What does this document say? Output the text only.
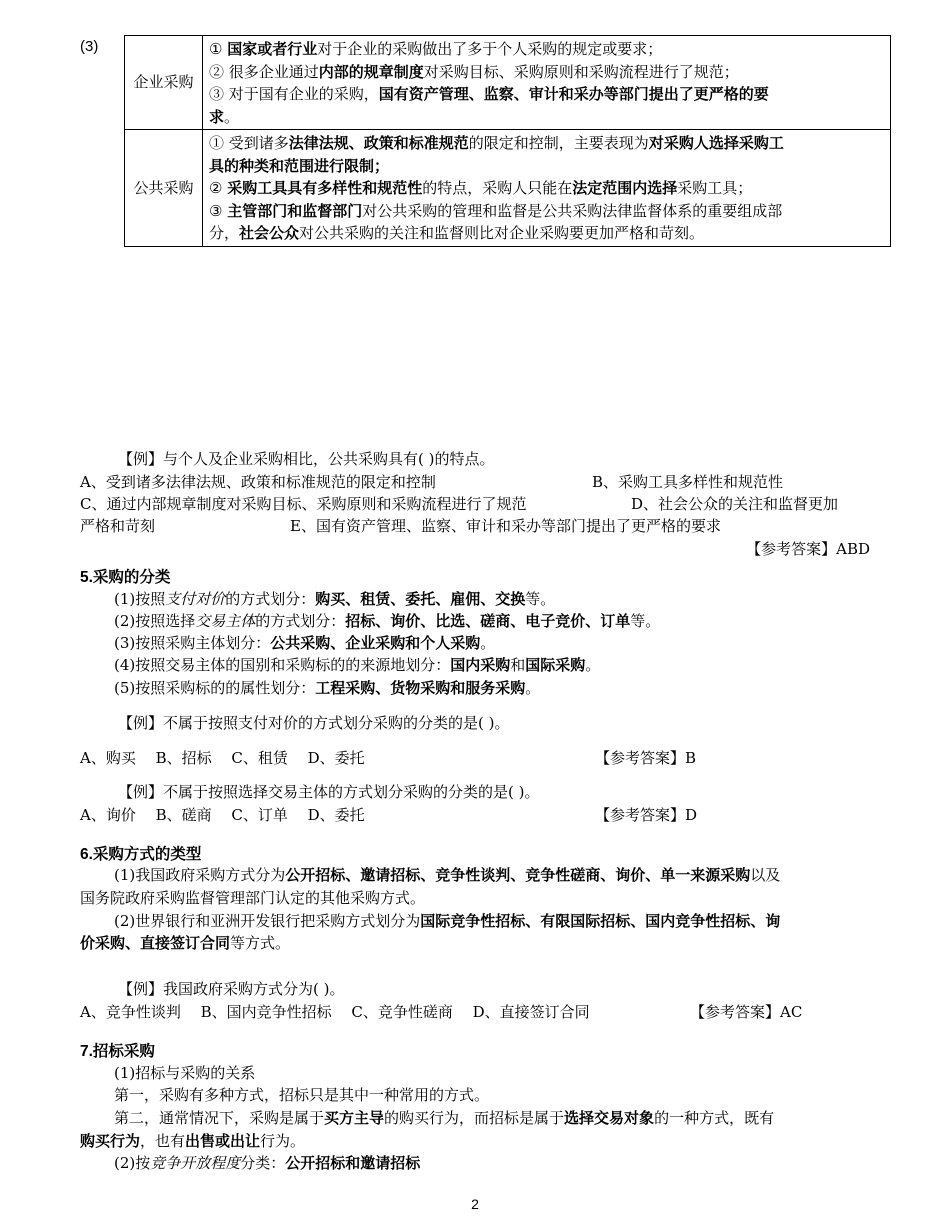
(3)
企业采购	① 国家或者行业对于企业的采购做出了多于个人采购的规定或要求；
② 很多企业通过内部的规章制度对采购目标、采购原则和采购流程进行了规范；
③ 对于国有企业的采购，国有资产管理、监察、审计和采办等部门提出了更严格的要
求。

公共采购	① 受到诸多法律法规、政策和标准规范的限定和控制，主要表现为对采购人选择采购工
具的种类和范围进行限制；
② 采购工具具有多样性和规范性的特点，采购人只能在法定范围内选择采购工具；
③ 主管部门和监督部门对公共采购的管理和监督是公共采购法律监督体系的重要组成部
分，社会公众对公共采购的关注和监督则比对企业采购要更加严格和苛刻。
【例】与个人及企业采购相比，公共采购具有( )的特点。
A、受到诸多法律法规、政策和标准规范的限定和控制	B、采购工具多样性和规范性
C、通过内部规章制度对采购目标、采购原则和采购流程进行了规范	D、社会公众的关注和监督更加
严格和苛刻	E、国有资产管理、监察、审计和采办等部门提出了更严格的要求
【参考答案】ABD
5.采购的分类
(1)按照支付对价的方式划分：购买、租赁、委托、雇佣、交换等。
(2)按照选择交易主体的方式划分：招标、询价、比选、磋商、电子竞价、订单等。
(3)按照采购主体划分：公共采购、企业采购和个人采购。
(4)按照交易主体的国别和采购标的的来源地划分：国内采购和国际采购。
(5)按照采购标的的属性划分：工程采购、货物采购和服务采购。
【例】不属于按照支付对价的方式划分采购的分类的是( )。
A、购买　 B、招标　 C、租赁　 D、委托	【参考答案】B
【例】不属于按照选择交易主体的方式划分采购的分类的是( )。
A、询价　 B、磋商　 C、订单　 D、委托	【参考答案】D
6.采购方式的类型
(1)我国政府采购方式分为公开招标、邀请招标、竞争性谈判、竞争性磋商、询价、单一来源采购以及
国务院政府采购监督管理部门认定的其他采购方式。
(2)世界银行和亚洲开发银行把采购方式划分为国际竞争性招标、有限国际招标、国内竞争性招标、询
价采购、直接签订合同等方式。
【例】我国政府采购方式分为( )。
A、竞争性谈判　 B、国内竞争性招标　 C、竞争性磋商　 D、直接签订合同	【参考答案】AC
7.招标采购
(1)招标与采购的关系
第一，采购有多种方式，招标只是其中一种常用的方式。
第二，通常情况下，采购是属于买方主导的购买行为，而招标是属于选择交易对象的一种方式，既有
购买行为，也有出售或出让行为。
(2)按竞争开放程度分类：公开招标和邀请招标
2
